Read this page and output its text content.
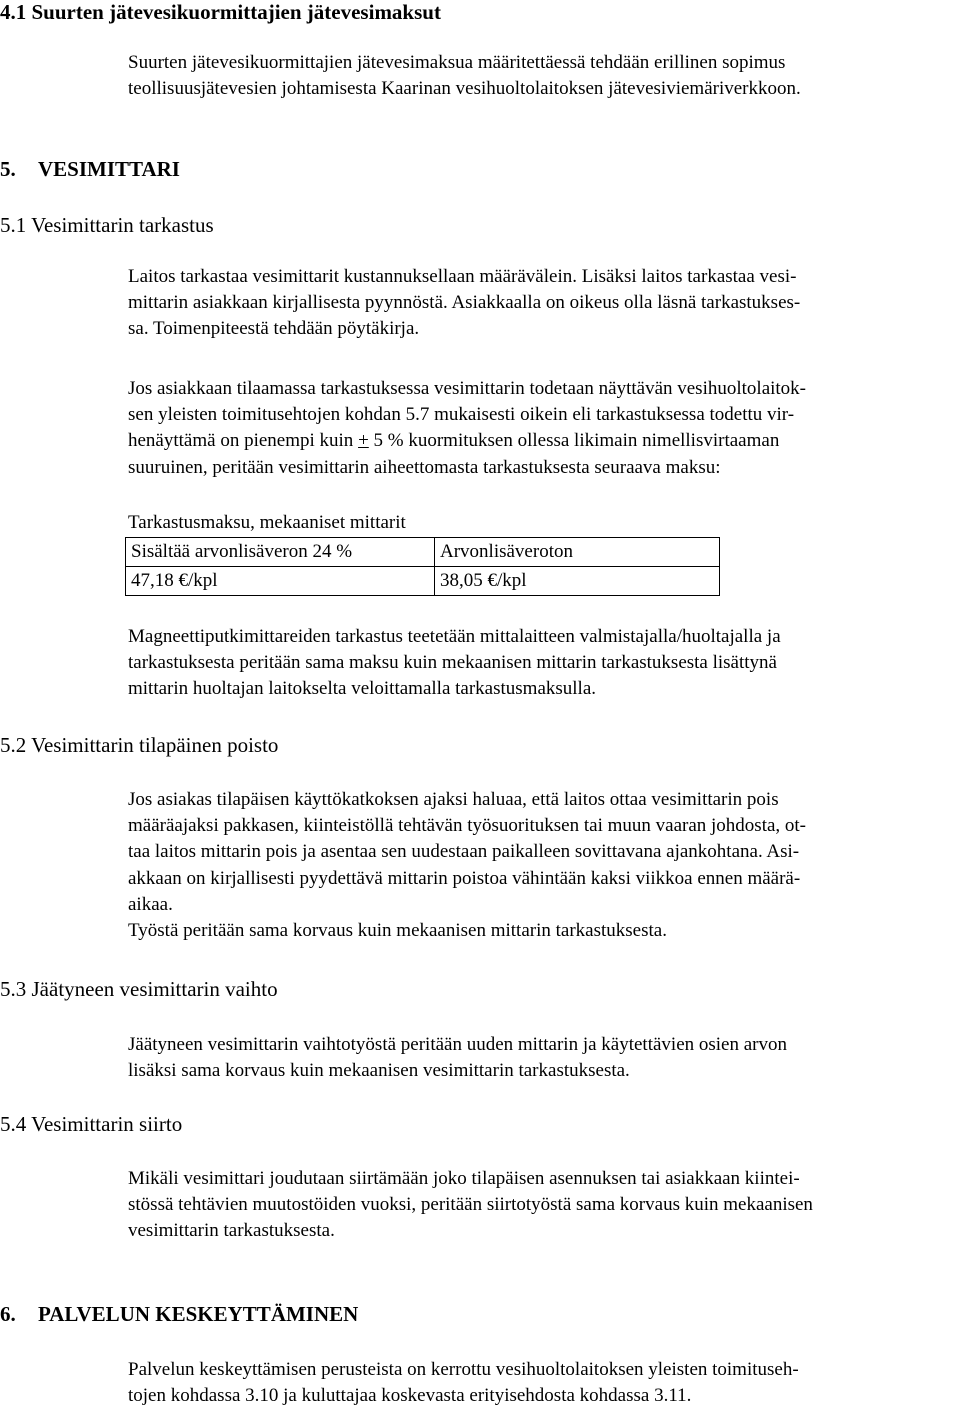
4.1 Suurten jätevesikuormittajien jätevesimaksut
Suurten jätevesikuormittajien jätevesimaksua määritettäessä tehdään erillinen sopimus
teollisuusjätevesien johtamisesta Kaarinan vesihuoltolaitoksen jätevesiviemäriverkkoon.
5. VESIMITTARI
5.1 Vesimittarin tarkastus
Laitos tarkastaa vesimittarit kustannuksellaan määrävälein. Lisäksi laitos tarkastaa vesi-
mittarin asiakkaan kirjallisesta pyynnöstä. Asiakkaalla on oikeus olla läsnä tarkastukses-
sa. Toimenpiteestä tehdään pöytäkirja.
Jos asiakkaan tilaamassa tarkastuksessa vesimittarin todetaan näyttävän vesihuoltolaitok-
sen yleisten toimitusehtojen kohdan 5.7 mukaisesti oikein eli tarkastuksessa todettu vir-
henäyttämä on pienempi kuin + 5 % kuormituksen ollessa likimain nimellisvirtaaman
suuruinen, peritään vesimittarin aiheettomasta tarkastuksesta seuraava maksu:
Tarkastusmaksu, mekaaniset mittarit
Sisältää arvonlisäveron 24 %	Arvonlisäveroton
47,18 €/kpl	38,05 €/kpl
Magneettiputkimittareiden tarkastus teetetään mittalaitteen valmistajalla/huoltajalla ja
tarkastuksesta peritään sama maksu kuin mekaanisen mittarin tarkastuksesta lisättynä
mittarin huoltajan laitokselta veloittamalla tarkastusmaksulla.
5.2 Vesimittarin tilapäinen poisto
Jos asiakas tilapäisen käyttökatkoksen ajaksi haluaa, että laitos ottaa vesimittarin pois
määräajaksi pakkasen, kiinteistöllä tehtävän työsuorituksen tai muun vaaran johdosta, ot-
taa laitos mittarin pois ja asentaa sen uudestaan paikalleen sovittavana ajankohtana. Asi-
akkaan on kirjallisesti pyydettävä mittarin poistoa vähintään kaksi viikkoa ennen määrä-
aikaa.
Työstä peritään sama korvaus kuin mekaanisen mittarin tarkastuksesta.
5.3 Jäätyneen vesimittarin vaihto
Jäätyneen vesimittarin vaihtotyöstä peritään uuden mittarin ja käytettävien osien arvon
lisäksi sama korvaus kuin mekaanisen vesimittarin tarkastuksesta.
5.4 Vesimittarin siirto
Mikäli vesimittari joudutaan siirtämään joko tilapäisen asennuksen tai asiakkaan kiintei-
stössä tehtävien muutostöiden vuoksi, peritään siirtotyöstä sama korvaus kuin mekaanisen
vesimittarin tarkastuksesta.
6. PALVELUN KESKEYTTÄMINEN
Palvelun keskeyttämisen perusteista on kerrottu vesihuoltolaitoksen yleisten toimituseh-
tojen kohdassa 3.10 ja kuluttajaa koskevasta erityisehdosta kohdassa 3.11.
